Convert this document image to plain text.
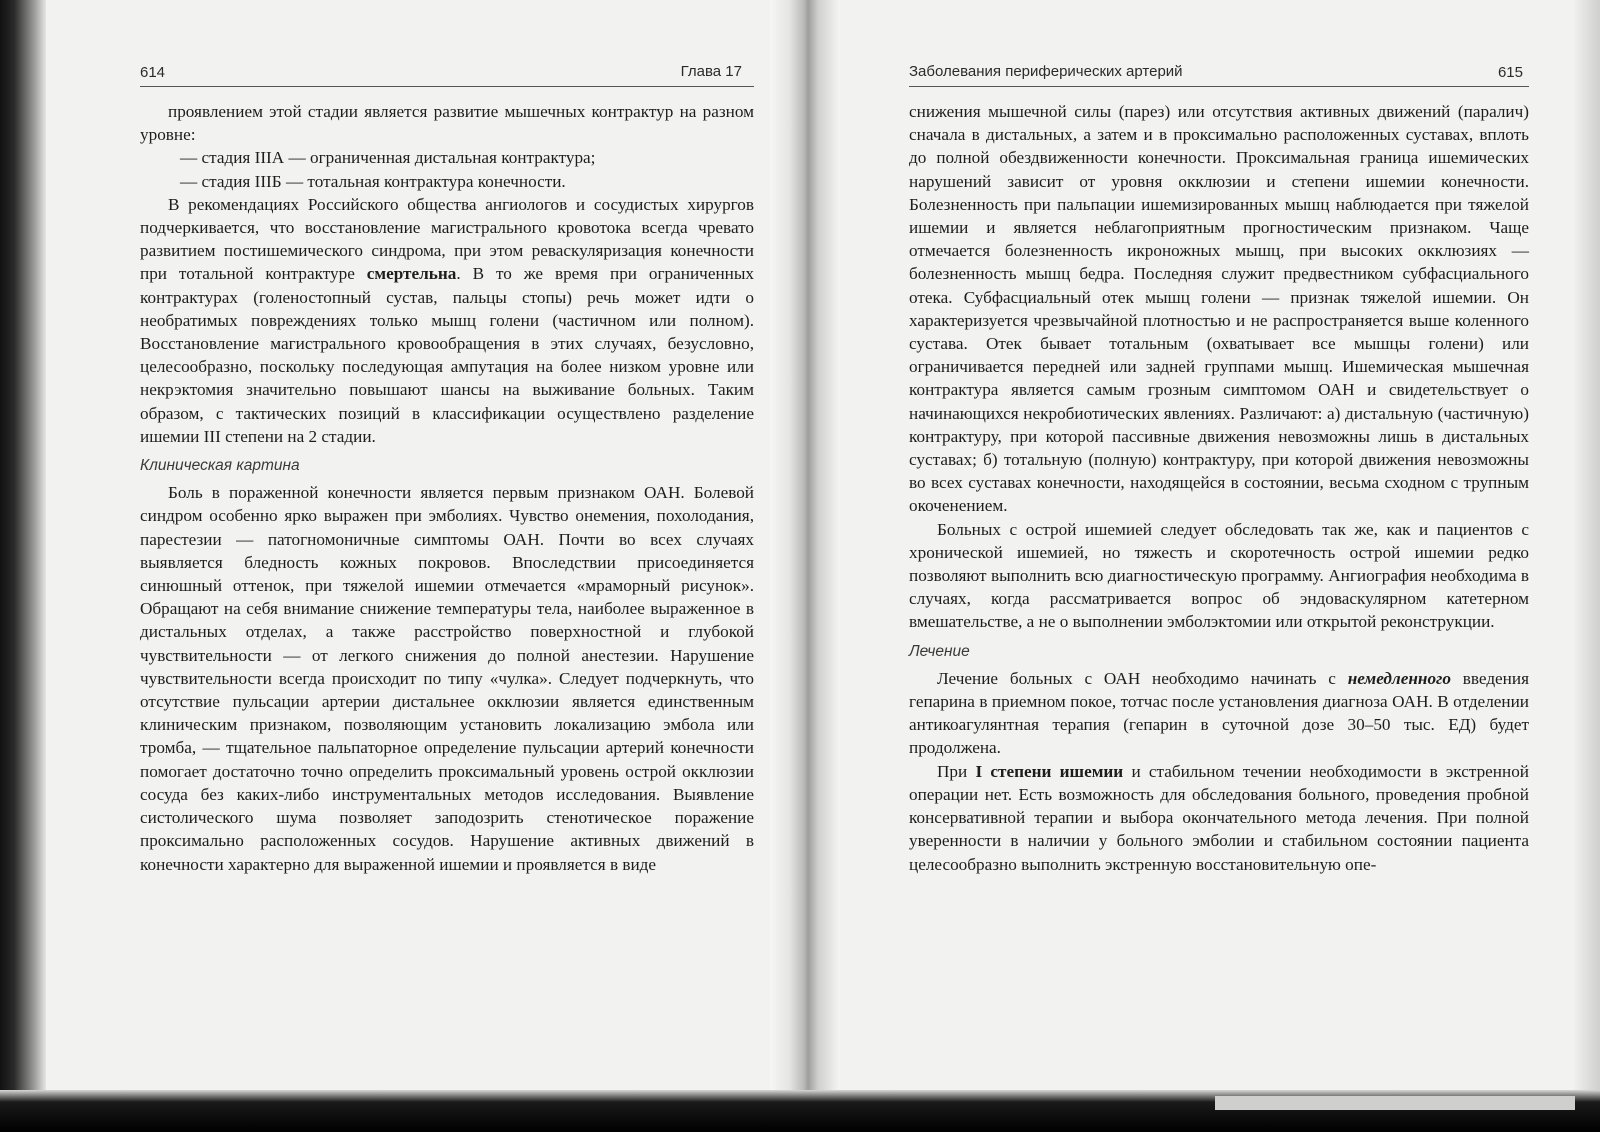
614	Глава 17

проявлением этой стадии является развитие мышечных контрактур на разном уровне:

— стадия IIIА — ограниченная дистальная контрактура;

— стадия IIIБ — тотальная контрактура конечности.

В рекомендациях Российского общества ангиологов и сосудистых хирургов подчеркивается, что восстановление магистрального кровотока всегда чревато развитием постишемического синдрома, при этом реваскуляризация конечности при тотальной контрактуре смертельна. В то же время при ограниченных контрактурах (голеностопный сустав, пальцы стопы) речь может идти о необратимых повреждениях только мышц голени (частичном или полном). Восстановление магистрального кровообращения в этих случаях, безусловно, целесообразно, поскольку последующая ампутация на более низком уровне или некрэктомия значительно повышают шансы на выживание больных. Таким образом, с тактических позиций в классификации осуществлено разделение ишемии III степени на 2 стадии.

Клиническая картина

Боль в пораженной конечности является первым признаком ОАН. Болевой синдром особенно ярко выражен при эмболиях. Чувство онемения, похолодания, парестезии — патогномоничные симптомы ОАН. Почти во всех случаях выявляется бледность кожных покровов. Впоследствии присоединяется синюшный оттенок, при тяжелой ишемии отмечается «мраморный рисунок». Обращают на себя внимание снижение температуры тела, наиболее выраженное в дистальных отделах, а также расстройство поверхностной и глубокой чувствительности — от легкого снижения до полной анестезии. Нарушение чувствительности всегда происходит по типу «чулка». Следует подчеркнуть, что отсутствие пульсации артерии дистальнее окклюзии является единственным клиническим признаком, позволяющим установить локализацию эмбола или тромба, — тщательное пальпаторное определение пульсации артерий конечности помогает достаточно точно определить проксимальный уровень острой окклюзии сосуда без каких-либо инструментальных методов исследования. Выявление систолического шума позволяет заподозрить стенотическое поражение проксимально расположенных сосудов. Нарушение активных движений в конечности характерно для выраженной ишемии и проявляется в виде

Заболевания периферических артерий	615

снижения мышечной силы (парез) или отсутствия активных движений (паралич) сначала в дистальных, а затем и в проксимально расположенных суставах, вплоть до полной обездвиженности конечности. Проксимальная граница ишемических нарушений зависит от уровня окклюзии и степени ишемии конечности. Болезненность при пальпации ишемизированных мышц наблюдается при тяжелой ишемии и является неблагоприятным прогностическим признаком. Чаще отмечается болезненность икроножных мышц, при высоких окклюзиях — болезненность мышц бедра. Последняя служит предвестником субфасциального отека. Субфасциальный отек мышц голени — признак тяжелой ишемии. Он характеризуется чрезвычайной плотностью и не распространяется выше коленного сустава. Отек бывает тотальным (охватывает все мышцы голени) или ограничивается передней или задней группами мышц. Ишемическая мышечная контрактура является самым грозным симптомом ОАН и свидетельствует о начинающихся некробиотических явлениях. Различают: а) дистальную (частичную) контрактуру, при которой пассивные движения невозможны лишь в дистальных суставах; б) тотальную (полную) контрактуру, при которой движения невозможны во всех суставах конечности, находящейся в состоянии, весьма сходном с трупным окоченением.

Больных с острой ишемией следует обследовать так же, как и пациентов с хронической ишемией, но тяжесть и скоротечность острой ишемии редко позволяют выполнить всю диагностическую программу. Ангиография необходима в случаях, когда рассматривается вопрос об эндоваскулярном катетерном вмешательстве, а не о выполнении эмболэктомии или открытой реконструкции.

Лечение

Лечение больных с ОАН необходимо начинать с немедленного введения гепарина в приемном покое, тотчас после установления диагноза ОАН. В отделении антикоагулянтная терапия (гепарин в суточной дозе 30–50 тыс. ЕД) будет продолжена.

При I степени ишемии и стабильном течении необходимости в экстренной операции нет. Есть возможность для обследования больного, проведения пробной консервативной терапии и выбора окончательного метода лечения. При полной уверенности в наличии у больного эмболии и стабильном состоянии пациента целесообразно выполнить экстренную восстановительную опе-
